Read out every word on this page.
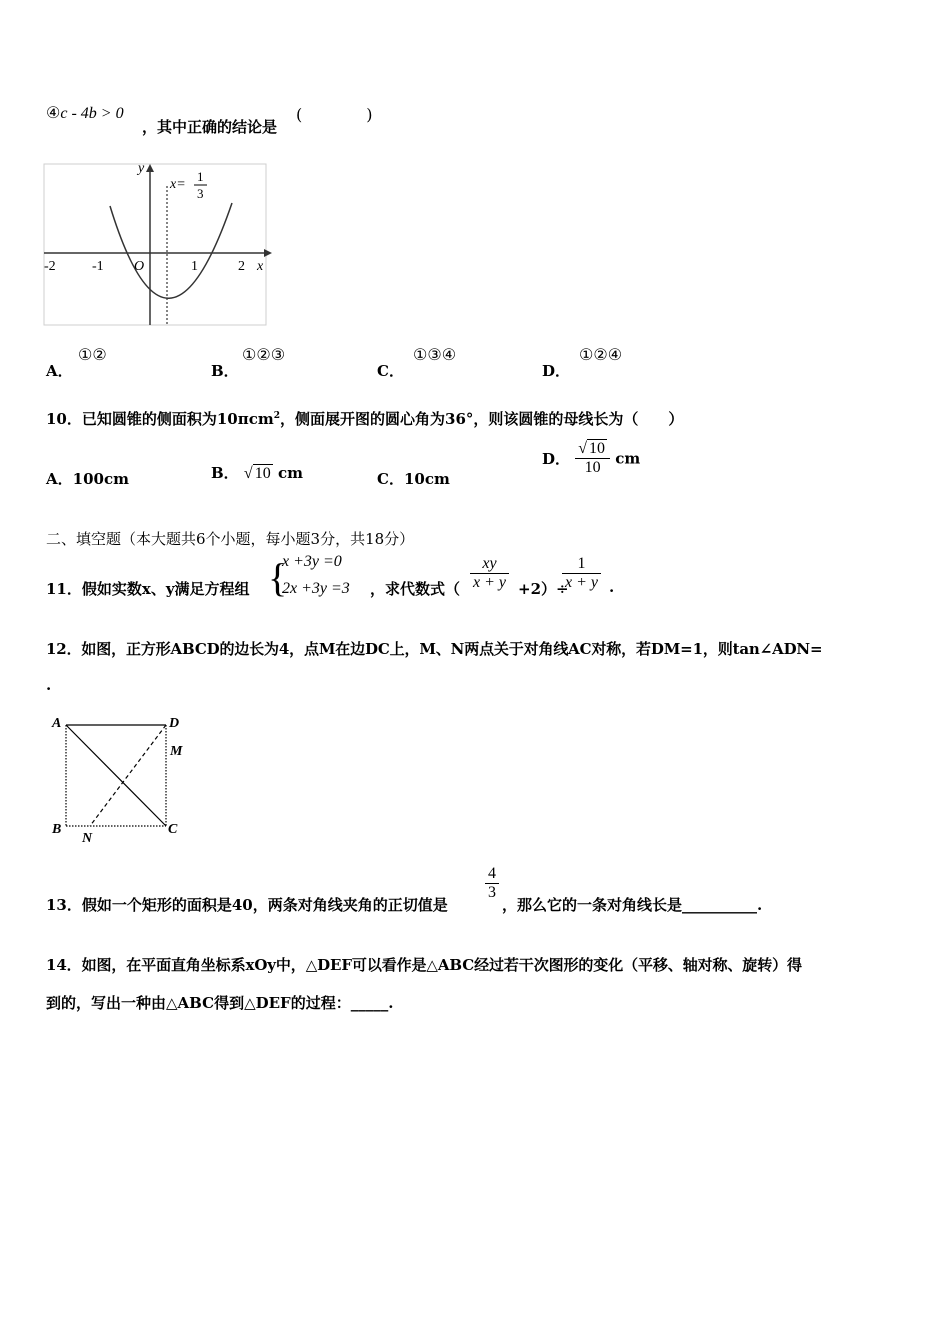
④c - 4b > 0
，其中正确的结论是
(　　　　)
y
x
O
-2	-1	1	2
x=
1
3
A．
①②
B．
①②③
C．
①③④
D．
①②④
10．已知圆锥的侧面积为10πcm$^2$，侧面展开图的圆心角为36°，则该圆锥的母线长为（　　）
A．100cm	B． √ 10 cm	C．10cm
D． $\frac{√ 10}{10}$ cm
二、填空题（本大题共6个小题，每小题3分，共18分）
11．假如实数x、y满足方程组 {
x +3y =0
2x +3y =3 ，求代数式（ $\frac{xy}{x + y} +2)\div$
$\frac{1}{x + y}$ .
12．如图，正方形ABCD的边长为4，点M在边DC上，M、N两点关于对角线AC对称，若DM=1，则tan∠ADN=
.
A	D
M
B	C
N
13．假如一个矩形的面积是40，两条对角线夹角的正切值是
$\frac{4}{3}$
，那么它的一条对角线长是__________.
14．如图，在平面直角坐标系xOy中，△DEF可以看作是△ABC经过若干次图形的变化（平移、轴对称、旋转）得
到的，写出一种由△ABC得到△DEF的过程：_____.
